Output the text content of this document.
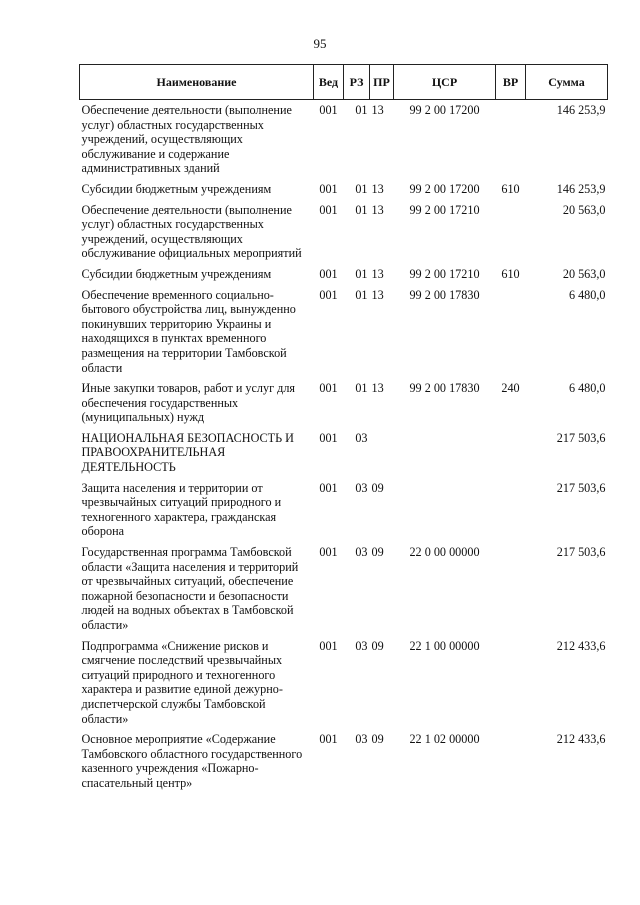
95
Наименование	Вед	РЗ	ПР	ЦСР	ВР	Сумма
Обеспечение деятельности (выполнение услуг) областных государственных учреждений, осуществляющих обслуживание и содержание административных зданий	001	01	13	99 2 00 17200		146 253,9
Субсидии бюджетным учреждениям	001	01	13	99 2 00 17200	610	146 253,9
Обеспечение деятельности (выполнение услуг) областных государственных учреждений, осуществляющих обслуживание официальных мероприятий	001	01	13	99 2 00 17210		20 563,0
Субсидии бюджетным учреждениям	001	01	13	99 2 00 17210	610	20 563,0
Обеспечение временного социально-бытового обустройства лиц, вынужденно покинувших территорию Украины и находящихся в пунктах временного размещения на территории Тамбовской области	001	01	13	99 2 00 17830		6 480,0
Иные закупки товаров, работ и услуг для обеспечения государственных (муниципальных) нужд	001	01	13	99 2 00 17830	240	6 480,0
НАЦИОНАЛЬНАЯ БЕЗОПАСНОСТЬ И ПРАВООХРАНИТЕЛЬНАЯ ДЕЯТЕЛЬНОСТЬ	001	03				217 503,6
Защита населения и территории от чрезвычайных ситуаций природного и техногенного характера, гражданская оборона	001	03	09			217 503,6
Государственная программа Тамбовской области «Защита населения и территорий от чрезвычайных ситуаций, обеспечение пожарной безопасности и безопасности людей на водных объектах в Тамбовской области»	001	03	09	22 0 00 00000		217 503,6
Подпрограмма «Снижение рисков и смягчение последствий чрезвычайных ситуаций природного и техногенного характера и развитие единой дежурно-диспетчерской службы Тамбовской области»	001	03	09	22 1 00 00000		212 433,6
Основное мероприятие «Содержание Тамбовского областного государственного казенного учреждения «Пожарно-спасательный центр»	001	03	09	22 1 02 00000		212 433,6
